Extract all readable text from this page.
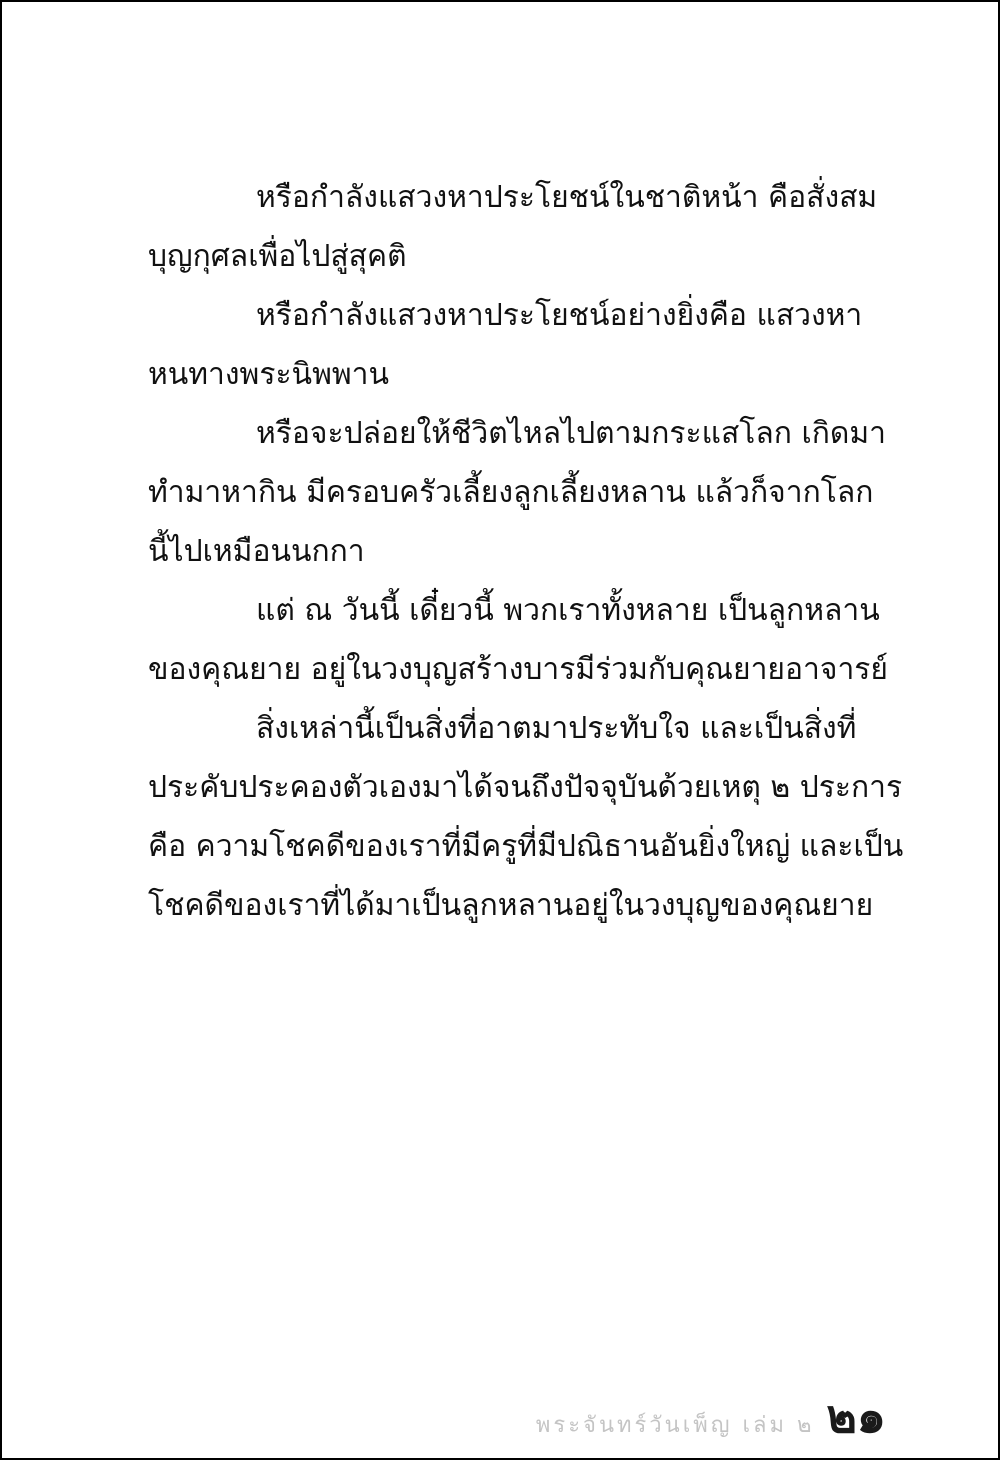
หรือกำลังแสวงหาประโยชน์ในชาติหน้า คือสั่งสม
บุญกุศลเพื่อไปสู่สุคติ
หรือกำลังแสวงหาประโยชน์อย่างยิ่งคือ แสวงหา
หนทางพระนิพพาน
หรือจะปล่อยให้ชีวิตไหลไปตามกระแสโลก เกิดมา
ทำมาหากิน มีครอบครัวเลี้ยงลูกเลี้ยงหลาน แล้วก็จากโลก
นี้ไปเหมือนนกกา
แต่ ณ วันนี้ เดี๋ยวนี้ พวกเราทั้งหลาย เป็นลูกหลาน
ของคุณยาย อยู่ในวงบุญสร้างบารมีร่วมกับคุณยายอาจารย์
สิ่งเหล่านี้เป็นสิ่งที่อาตมาประทับใจ และเป็นสิ่งที่
ประคับประคองตัวเองมาได้จนถึงปัจจุบันด้วยเหตุ ๒ ประการ
คือ ความโชคดีของเราที่มีครูที่มีปณิธานอันยิ่งใหญ่ และเป็น
โชคดีของเราที่ได้มาเป็นลูกหลานอยู่ในวงบุญของคุณยาย
พระจันทร์วันเพ็ญ เล่ม ๒ ๒๑
